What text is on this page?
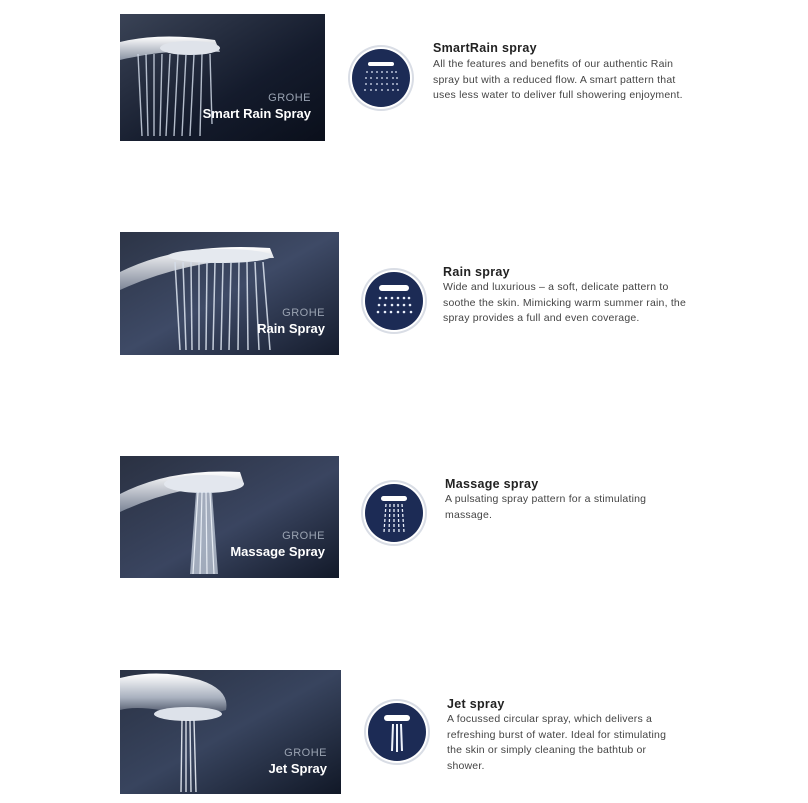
GROHE
Smart Rain Spray
SmartRain spray
All the features and benefits of our authentic Rain spray but with a reduced flow. A smart pattern that uses less water to deliver full showering enjoyment.
GROHE
Rain Spray
Rain spray
Wide and luxurious – a soft, delicate pattern to soothe the skin. Mimicking warm summer rain, the spray provides a full and even coverage.
GROHE
Massage Spray
Massage spray
A pulsating spray pattern for a stimulating massage.
GROHE
Jet Spray
Jet spray
A focussed circular spray, which delivers a refreshing burst of water. Ideal for stimulating the skin or simply cleaning the bathtub or shower.
